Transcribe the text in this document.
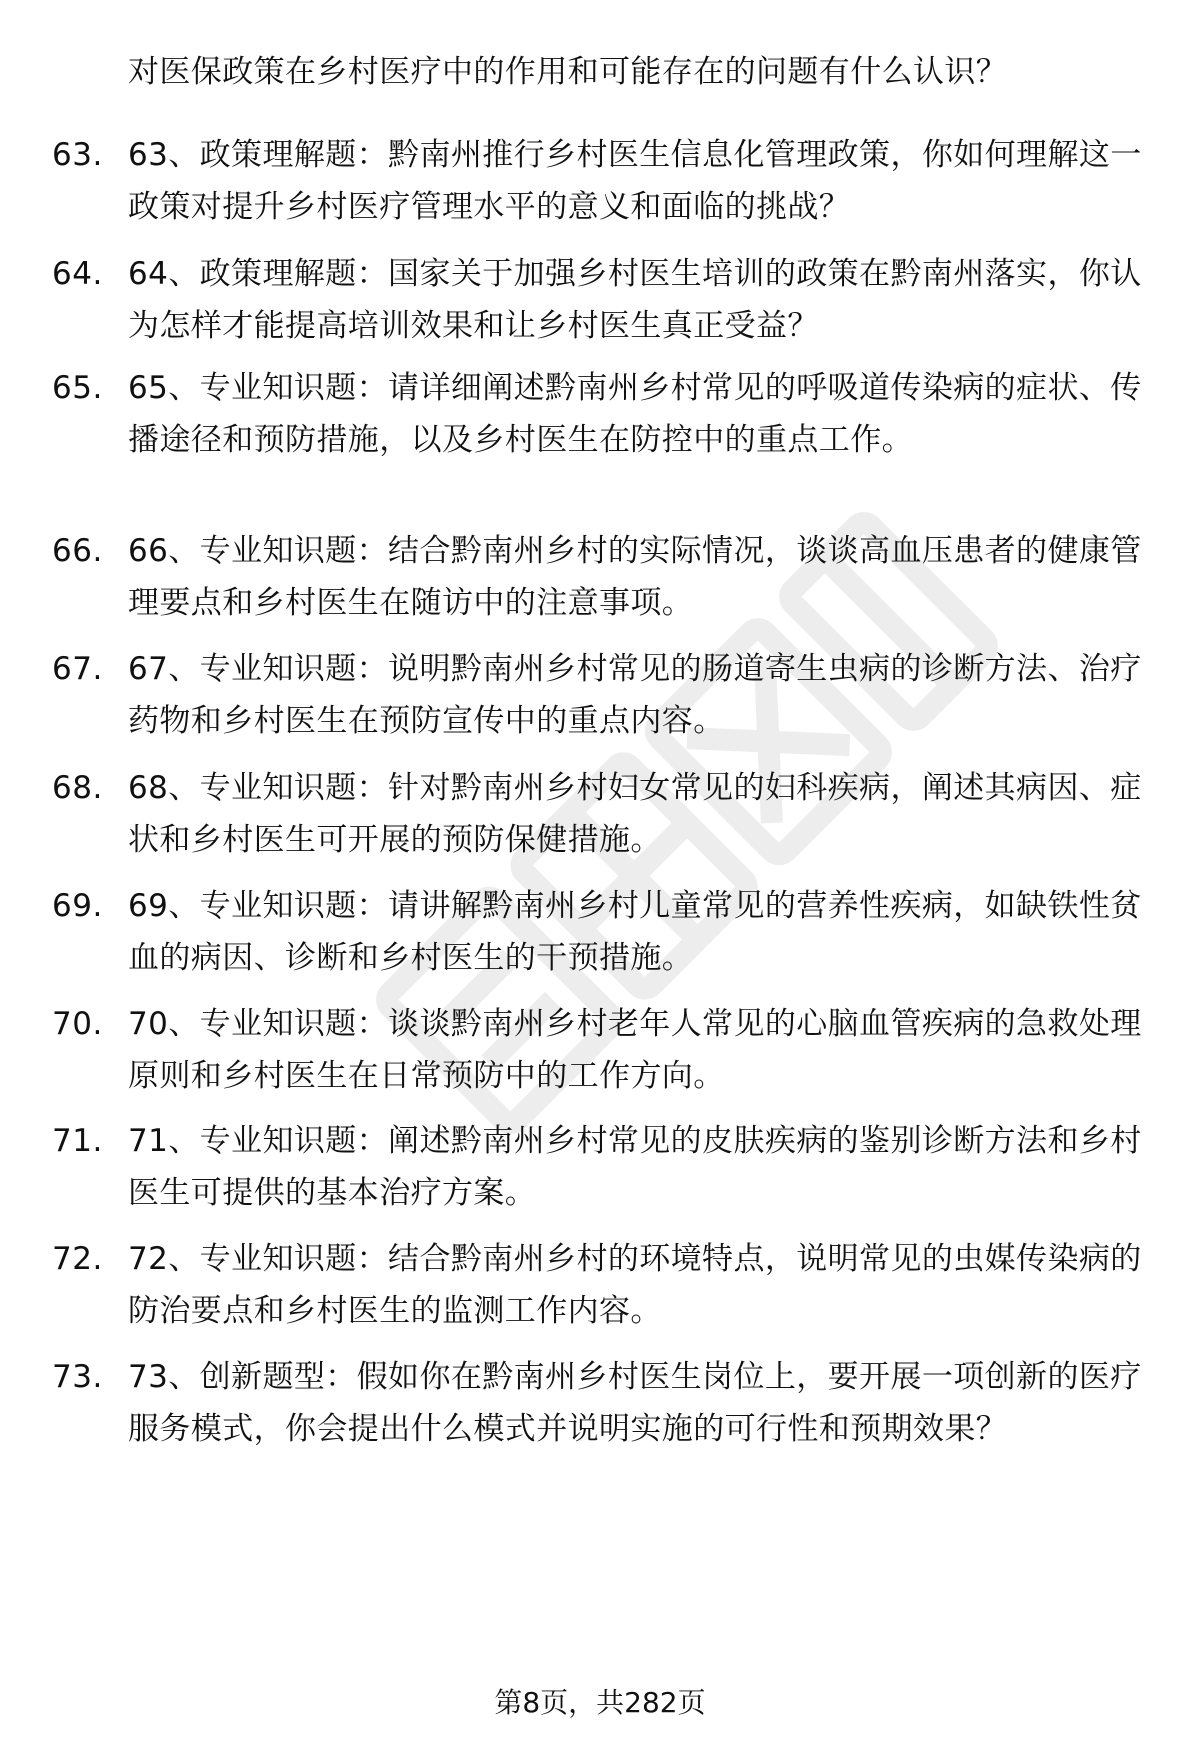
对医保政策在乡村医疗中的作用和可能存在的问题有什么认识？
63. 63、政策理解题：黔南州推行乡村医生信息化管理政策，你如何理解这一政策对提升乡村医疗管理水平的意义和面临的挑战？
64. 64、政策理解题：国家关于加强乡村医生培训的政策在黔南州落实，你认为怎样才能提高培训效果和让乡村医生真正受益？
65. 65、专业知识题：请详细阐述黔南州乡村常见的呼吸道传染病的症状、传播途径和预防措施，以及乡村医生在防控中的重点工作。
66. 66、专业知识题：结合黔南州乡村的实际情况，谈谈高血压患者的健康管理要点和乡村医生在随访中的注意事项。
67. 67、专业知识题：说明黔南州乡村常见的肠道寄生虫病的诊断方法、治疗药物和乡村医生在预防宣传中的重点内容。
68. 68、专业知识题：针对黔南州乡村妇女常见的妇科疾病，阐述其病因、症状和乡村医生可开展的预防保健措施。
69. 69、专业知识题：请讲解黔南州乡村儿童常见的营养性疾病，如缺铁性贫血的病因、诊断和乡村医生的干预措施。
70. 70、专业知识题：谈谈黔南州乡村老年人常见的心脑血管疾病的急救处理原则和乡村医生在日常预防中的工作方向。
71. 71、专业知识题：阐述黔南州乡村常见的皮肤疾病的鉴别诊断方法和乡村医生可提供的基本治疗方案。
72. 72、专业知识题：结合黔南州乡村的环境特点，说明常见的虫媒传染病的防治要点和乡村医生的监测工作内容。
73. 73、创新题型：假如你在黔南州乡村医生岗位上，要开展一项创新的医疗服务模式，你会提出什么模式并说明实施的可行性和预期效果？
第8页，共282页
